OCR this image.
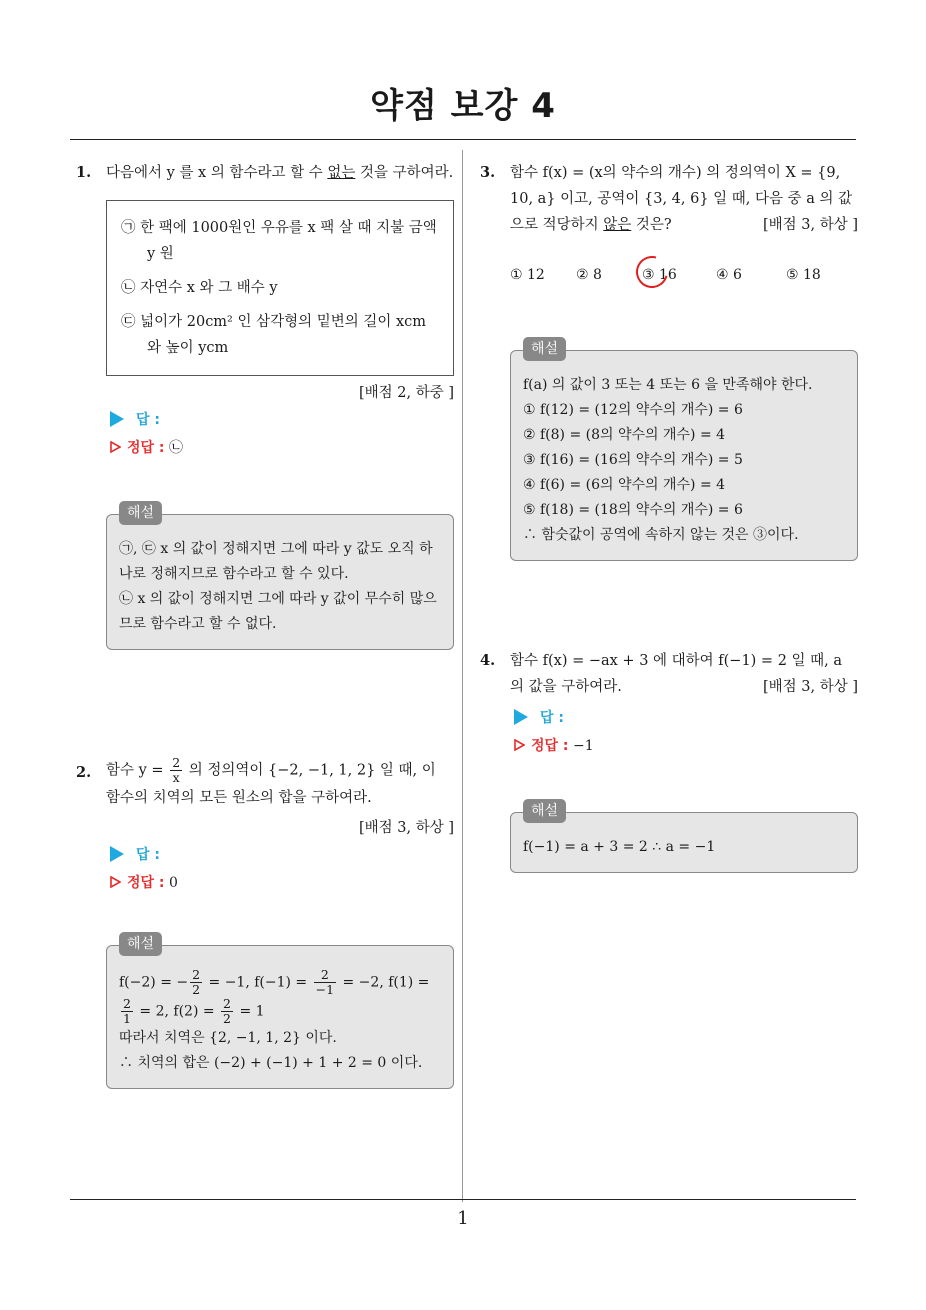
약점 보강 4
1. 다음에서 y 를 x 의 함수라고 할 수 없는 것을 구하여라.
㉠ 한 팩에 1000원인 우유를 x 팩 살 때 지불 금액 y 원
㉡ 자연수 x 와 그 배수 y
㉢ 넓이가 20cm² 인 삼각형의 밑변의 길이 xcm 와 높이 ycm
[배점 2, 하중 ]
답 :
정답 : ㉡
해설
㉠, ㉢ x 의 값이 정해지면 그에 따라 y 값도 오직 하나로 정해지므로 함수라고 할 수 있다.
㉡ x 의 값이 정해지면 그에 따라 y 값이 무수히 많으므로 함수라고 할 수 없다.
2. 함수 $y = \frac{2}{x}$ 의 정의역이 {−2, −1, 1, 2} 일 때, 이 함수의 치역의 모든 원소의 합을 구하여라.
[배점 3, 하상 ]
답 :
정답 : 0
해설
f(−2) = − $\frac{2}{2} = -1$, $f(-1) = \frac{2}{-1} = -2$, f(1) =
$\frac{2}{1} = 2$, $f(2) = \frac{2}{2} = 1$
따라서 치역은 {2, −1, 1, 2} 이다.
∴ 치역의 합은 (−2) + (−1) + 1 + 2 = 0 이다.
3. 함수 f(x) = (x의 약수의 개수) 의 정의역이 X = {9, 10, a} 이고, 공역이 {3, 4, 6} 일 때, 다음 중 a 의 값으로 적당하지 않은 것은?	[배점 3, 하상 ]
① 12	② 8	③ 16	④ 6	⑤ 18
해설
f(a) 의 값이 3 또는 4 또는 6 을 만족해야 한다.
① f(12) = (12의 약수의 개수) = 6
② f(8) = (8의 약수의 개수) = 4
③ f(16) = (16의 약수의 개수) = 5
④ f(6) = (6의 약수의 개수) = 4
⑤ f(18) = (18의 약수의 개수) = 6
∴ 함숫값이 공역에 속하지 않는 것은 ③이다.
4. 함수 f(x) = −ax + 3 에 대하여 f(−1) = 2 일 때, a 의 값을 구하여라.	[배점 3, 하상 ]
답 :
정답 : −1
해설
f(−1) = a + 3 = 2 ∴ a = −1
1
